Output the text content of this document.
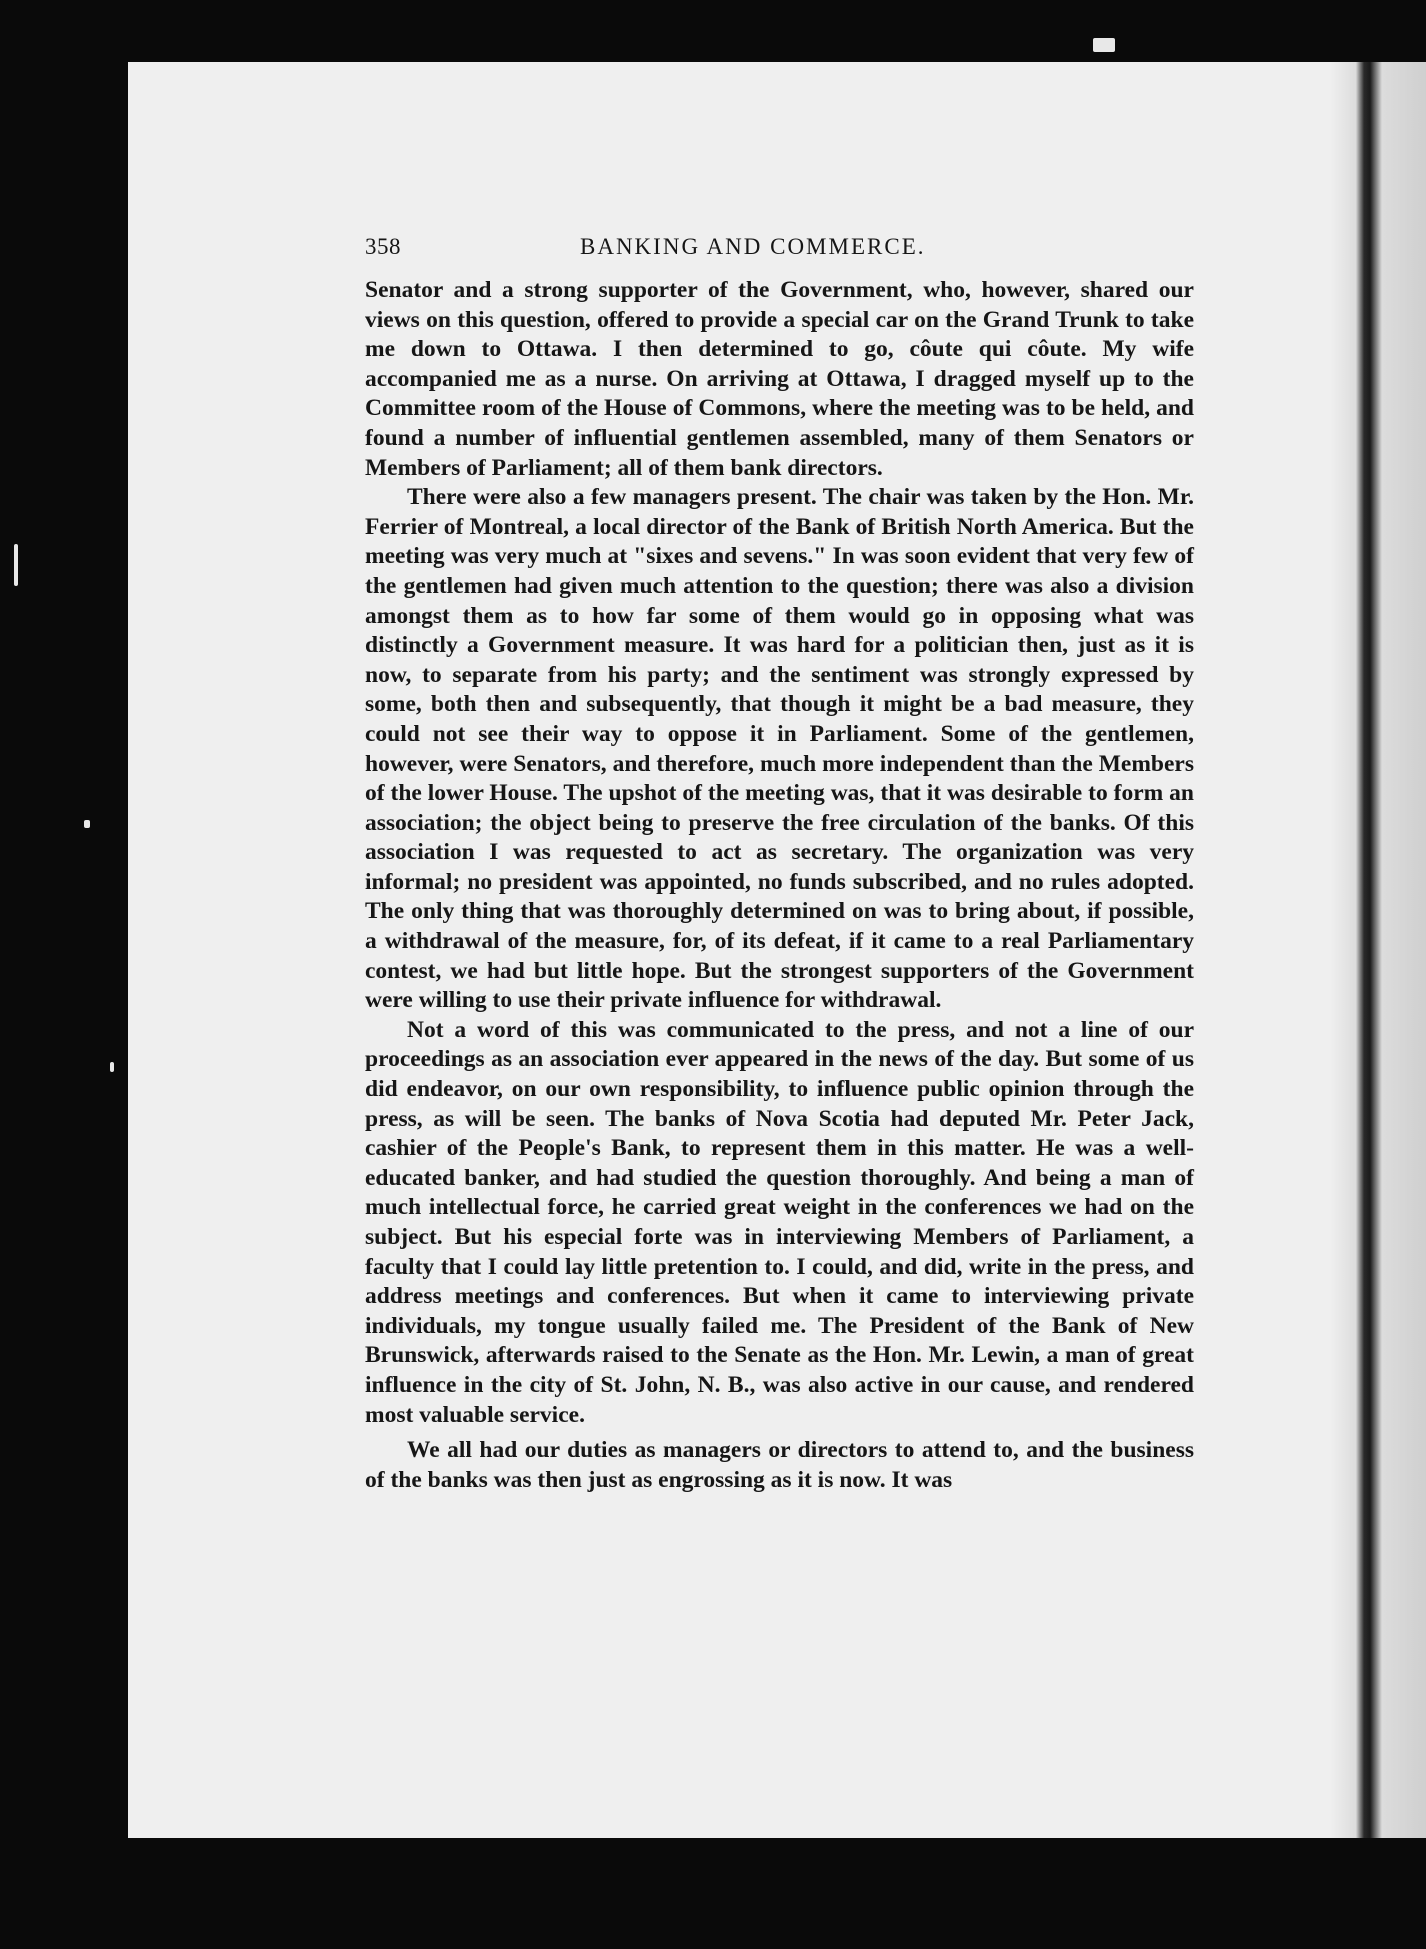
358	BANKING AND COMMERCE.

Senator and a strong supporter of the Government, who, however, shared our views on this question, offered to provide a special car on the Grand Trunk to take me down to Ottawa. I then determined to go, côute qui côute. My wife accompanied me as a nurse. On arriving at Ottawa, I dragged myself up to the Committee room of the House of Commons, where the meeting was to be held, and found a number of influential gentlemen assembled, many of them Senators or Members of Parliament; all of them bank directors.

There were also a few managers present. The chair was taken by the Hon. Mr. Ferrier of Montreal, a local director of the Bank of British North America. But the meeting was very much at "sixes and sevens." In was soon evident that very few of the gentlemen had given much attention to the question; there was also a division amongst them as to how far some of them would go in opposing what was distinctly a Government measure. It was hard for a politician then, just as it is now, to separate from his party; and the sentiment was strongly expressed by some, both then and subsequently, that though it might be a bad measure, they could not see their way to oppose it in Parliament. Some of the gentlemen, however, were Senators, and therefore, much more independent than the Members of the lower House. The upshot of the meeting was, that it was desirable to form an association; the object being to preserve the free circulation of the banks. Of this association I was requested to act as secretary. The organization was very informal; no president was appointed, no funds subscribed, and no rules adopted. The only thing that was thoroughly determined on was to bring about, if possible, a withdrawal of the measure, for, of its defeat, if it came to a real Parliamentary contest, we had but little hope. But the strongest supporters of the Government were willing to use their private influence for withdrawal.

Not a word of this was communicated to the press, and not a line of our proceedings as an association ever appeared in the news of the day. But some of us did endeavor, on our own responsibility, to influence public opinion through the press, as will be seen. The banks of Nova Scotia had deputed Mr. Peter Jack, cashier of the People's Bank, to represent them in this matter. He was a well-educated banker, and had studied the question thoroughly. And being a man of much intellectual force, he carried great weight in the conferences we had on the subject. But his especial forte was in interviewing Members of Parliament, a faculty that I could lay little pretention to. I could, and did, write in the press, and address meetings and conferences. But when it came to interviewing private individuals, my tongue usually failed me. The President of the Bank of New Brunswick, afterwards raised to the Senate as the Hon. Mr. Lewin, a man of great influence in the city of St. John, N. B., was also active in our cause, and rendered most valuable service.

We all had our duties as managers or directors to attend to, and the business of the banks was then just as engrossing as it is now. It was
